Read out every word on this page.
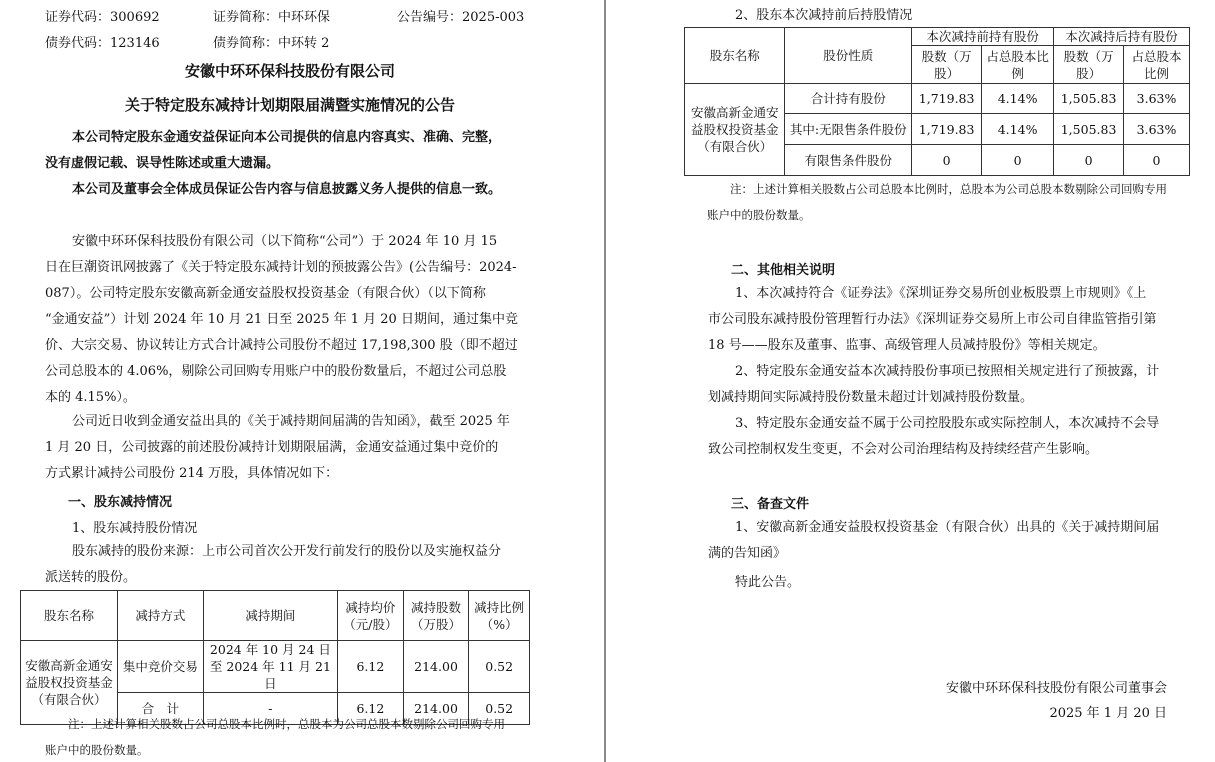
证券代码：300692	证券简称：中环环保	公告编号：2025-003
债券代码：123146	债券简称：中环转 2
安徽中环环保科技股份有限公司
关于特定股东减持计划期限届满暨实施情况的公告
本公司特定股东金通安益保证向本公司提供的信息内容真实、准确、完整，
没有虚假记载、误导性陈述或重大遗漏。
本公司及董事会全体成员保证公告内容与信息披露义务人提供的信息一致。
安徽中环环保科技股份有限公司（以下简称“公司”）于 2024 年 10 月 15
日在巨潮资讯网披露了《关于特定股东减持计划的预披露公告》(公告编号：2024-
087）。公司特定股东安徽高新金通安益股权投资基金（有限合伙）（以下简称
“金通安益”）计划 2024 年 10 月 21 日至 2025 年 1 月 20 日期间，通过集中竞
价、大宗交易、协议转让方式合计减持公司股份不超过 17,198,300 股（即不超过
公司总股本的 4.06%，剔除公司回购专用账户中的股份数量后，不超过公司总股
本的 4.15%）。
公司近日收到金通安益出具的《关于减持期间届满的告知函》，截至 2025 年
1 月 20 日，公司披露的前述股份减持计划期限届满，金通安益通过集中竞价的
方式累计减持公司股份 214 万股，具体情况如下：
一、股东减持情况
1、股东减持股份情况
股东减持的股份来源：上市公司首次公开发行前发行的股份以及实施权益分
派送转的股份。
股东名称	减持方式	减持期间	减持均价（元/股）	减持股数（万股）	减持比例（%）
安徽高新金通安益股权投资基金（有限合伙）	集中竞价交易	2024 年 10 月 24 日至 2024 年 11 月 21 日	6.12	214.00	0.52
	合　计	-	6.12	214.00	0.52
注：上述计算相关股数占公司总股本比例时，总股本为公司总股本数剔除公司回购专用
账户中的股份数量。
2、股东本次减持前后持股情况
股东名称	股份性质	本次减持前持有股份		本次减持后持有股份	
		股数（万股）	占总股本比例	股数（万股）	占总股本比例
安徽高新金通安益股权投资基金（有限合伙）	合计持有股份	1,719.83	4.14%	1,505.83	3.63%
	其中:无限售条件股份	1,719.83	4.14%	1,505.83	3.63%
	有限售条件股份	0	0	0	0
注：上述计算相关股数占公司总股本比例时，总股本为公司总股本数剔除公司回购专用
账户中的股份数量。
二、其他相关说明
1、本次减持符合《证券法》《深圳证券交易所创业板股票上市规则》《上
市公司股东减持股份管理暂行办法》《深圳证券交易所上市公司自律监管指引第
18 号——股东及董事、监事、高级管理人员减持股份》等相关规定。
2、特定股东金通安益本次减持股份事项已按照相关规定进行了预披露，计
划减持期间实际减持股份数量未超过计划减持股份数量。
3、特定股东金通安益不属于公司控股股东或实际控制人，本次减持不会导
致公司控制权发生变更，不会对公司治理结构及持续经营产生影响。
三、备查文件
1、安徽高新金通安益股权投资基金（有限合伙）出具的《关于减持期间届
满的告知函》
特此公告。
安徽中环环保科技股份有限公司董事会
2025 年 1 月 20 日
